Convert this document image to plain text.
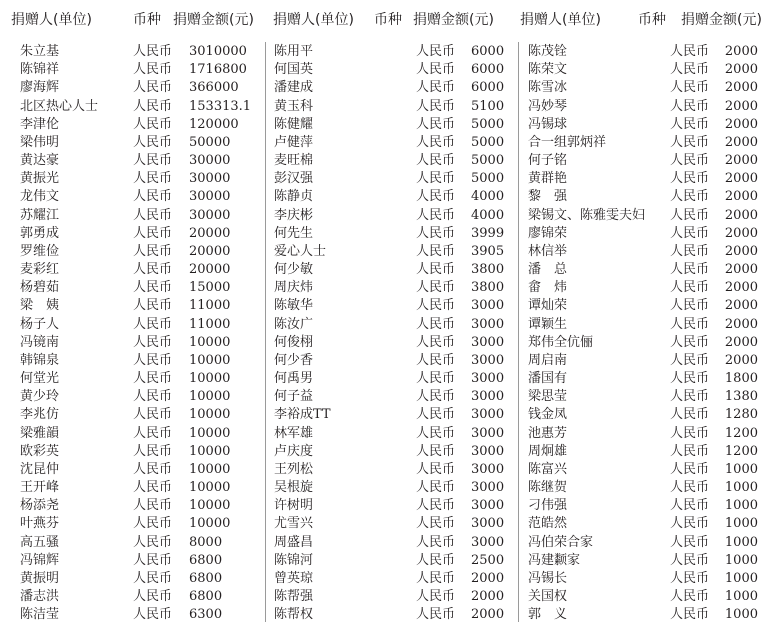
捐赠人(单位)	币种 捐赠金额(元) 捐赠人(单位) 币种 捐赠金额(元) 捐赠人(单位)	币种 捐赠金额(元)
朱立基	人民币 3010000
陈锦祥	人民币 1716800
廖海辉	人民币 366000
北区热心人士	人民币 153313.1
李津伦	人民币 120000
梁伟明	人民币 50000
黄达豪	人民币 30000
黄振光	人民币 30000
龙伟文	人民币 30000
苏耀江	人民币 30000
郭勇成	人民币 20000
罗维俭	人民币 20000
麦彩红	人民币 20000
杨碧茹	人民币 15000
梁　姨	人民币 11000
杨子人	人民币 11000
冯镜南	人民币 10000
韩锦泉	人民币 10000
何堂光	人民币 10000
黄少玲	人民币 10000
李兆仿	人民币 10000
梁雅韻	人民币 10000
欧彩英	人民币 10000
沈昆仲	人民币 10000
王开峰	人民币 10000
杨添尧	人民币 10000
叶燕芬	人民币 10000
高五骚	人民币 8000
冯锦辉	人民币 6800
黄振明	人民币 6800
潘志洪	人民币 6800
陈洁莹	人民币 6300
陈用平	人民币 6000
何国英	人民币 6000
潘建成	人民币 6000
黄玉科	人民币 5100
陈健耀	人民币 5000
卢健萍	人民币 5000
麦旺棉	人民币 5000
彭汉强	人民币 5000
陈静贞	人民币 4000
李庆彬	人民币 4000
何先生	人民币 3999
爱心人士	人民币 3905
何少敏	人民币 3800
周庆炜	人民币 3800
陈敏华	人民币 3000
陈汝广	人民币 3000
何俊栩	人民币 3000
何少香	人民币 3000
何禹男	人民币 3000
何子益	人民币 3000
李裕成TT	人民币 3000
林军雄	人民币 3000
卢庆度	人民币 3000
王列松	人民币 3000
吴根旋	人民币 3000
许树明	人民币 3000
尤雪兴	人民币 3000
周盛昌	人民币 3000
陈锦河	人民币 2500
曾英琼	人民币 2000
陈帮强	人民币 2000
陈帮权	人民币 2000
陈茂铨	人民币 2000
陈荣文	人民币 2000
陈雪冰	人民币 2000
冯妙琴	人民币 2000
冯锡球	人民币 2000
合一组郭炳祥	人民币 2000
何子铭	人民币 2000
黄群艳	人民币 2000
黎　强	人民币 2000
梁锡文、陈雅雯夫妇 人民币 2000
廖锦荣	人民币 2000
林信举	人民币 2000
潘　总	人民币 2000
畲　炜	人民币 2000
谭灿荣	人民币 2000
谭颖生	人民币 2000
郑伟全伉俪	人民币 2000
周启南	人民币 2000
潘国有	人民币 1800
梁思莹	人民币 1380
钱金凤	人民币 1280
池惠芳	人民币 1200
周炯雄	人民币 1200
陈富兴	人民币 1000
陈继贺	人民币 1000
刁伟强	人民币 1000
范皓然	人民币 1000
冯伯荣合家	人民币 1000
冯建颣家	人民币 1000
冯锡长	人民币 1000
关国权	人民币 1000
郭　义	人民币 1000
